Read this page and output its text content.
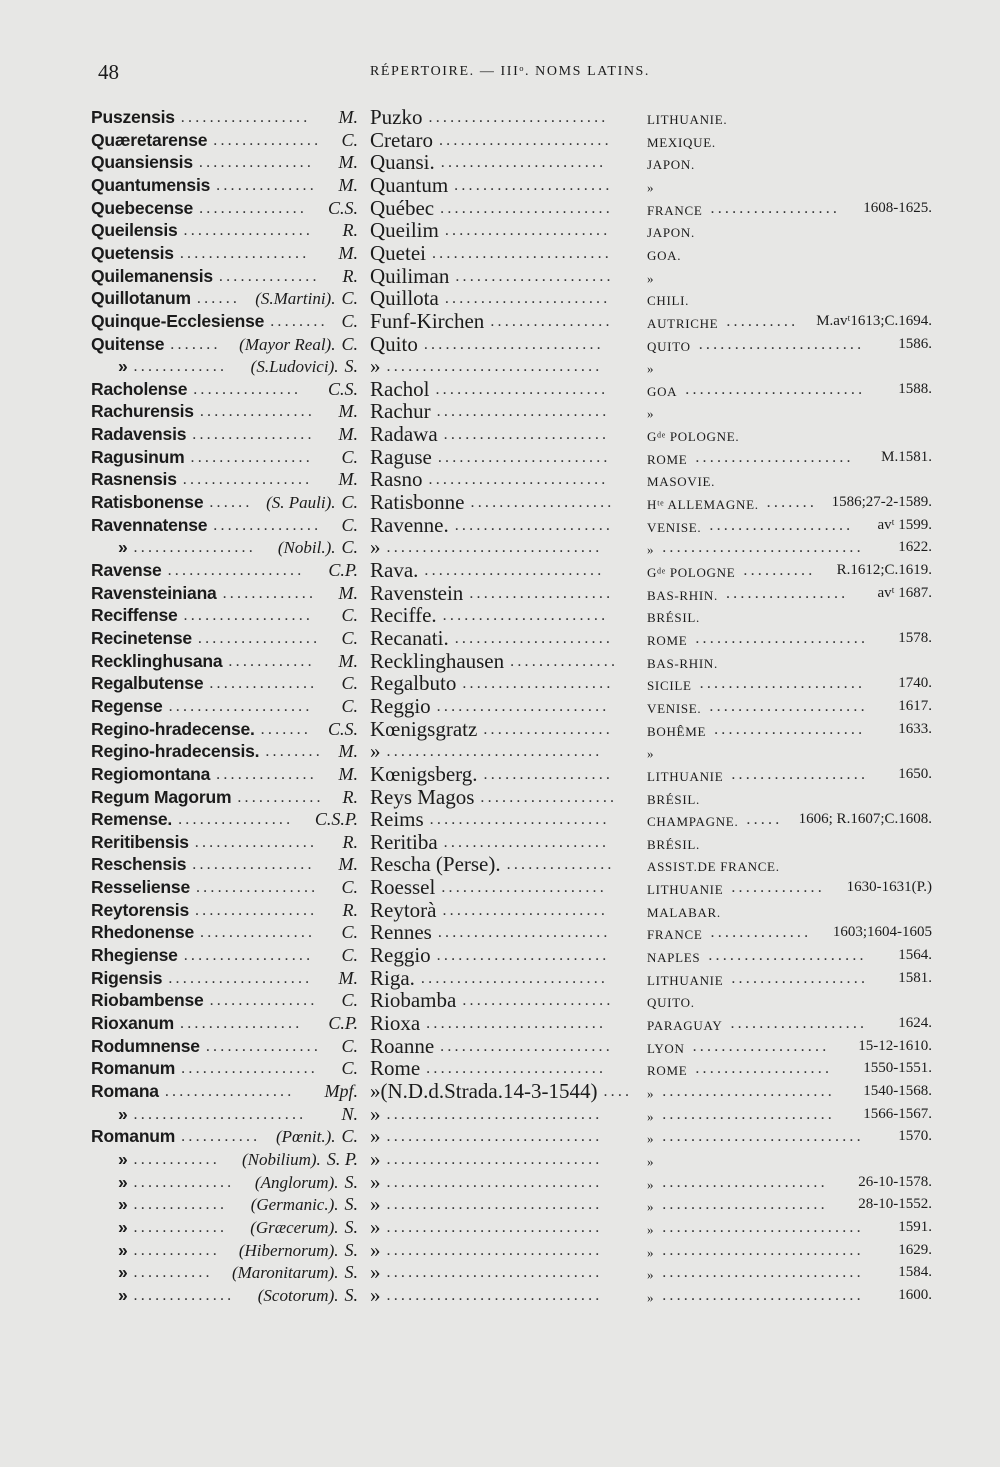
48	RÉPERTOIRE. — IIIᵒ. NOMS LATINS.
Puszensis ..................	M. Puzko .........................	LITHUANIE.
Quæretarense ...............	C. Cretaro ........................	MEXIQUE.
Quansiensis ................	M. Quansi. .......................	JAPON.
Quantumensis ..............	M. Quantum ......................	»
Quebecense ...............	C.S. Québec ........................	FRANCE ..................	1608-1625.
Queilensis ..................	R. Queilim .......................	JAPON.
Quetensis ..................	M. Quetei .........................	GOA.
Quilemanensis ..............	R. Quiliman ......................	»
Quillotanum ...... (S.Martini). C. Quillota .......................	CHILI.
Quinque-Ecclesiense ........ C. Funf-Kirchen .................	AUTRICHE ..........	M.avᵗ1613;C.1694.
Quitense .......	(Mayor Real). C. Quito .........................	QUITO .......................	1586.
» .............	(S.Ludovici). S. » ..............................	»
Racholense ...............	C.S. Rachol ........................	GOA .........................	1588.
Rachurensis ................	M. Rachur ........................	»
Radavensis .................	M. Radawa .......................	Gᵈᵉ POLOGNE.
Ragusinum .................	C. Raguse ........................	ROME ......................	M.1581.
Rasnensis ..................	M. Rasno .........................	MASOVIE.
Ratisbonense ...... (S. Pauli). C. Ratisbonne ....................	Hᵗᵉ ALLEMAGNE. ....... 1586;27-2-1589.
Ravennatense ...............	C. Ravenne. ......................	VENISE. ....................	avᵗ 1599.
» .................	(Nobil.). C. » ..............................	» ............................	1622.
Ravense ...................	C.P. Rava. .........................	Gᵈᵉ POLOGNE ..........	R.1612;C.1619.
Ravensteiniana .............	M. Ravenstein ....................	BAS-RHIN. .................	avᵗ 1687.
Reciffense ..................	C. Reciffe. .......................	BRÉSIL.
Recinetense .................	C. Recanati. ......................	ROME ........................	1578.
Recklinghusana ............	M. Recklinghausen ...............	BAS-RHIN.
Regalbutense ...............	C. Regalbuto .....................	SICILE .......................	1740.
Regense ....................	C. Reggio ........................	VENISE. ......................	1617.
Regino-hradecense. ....... C.S. Kœnigsgratz ..................	BOHÊME .....................	1633.
Regino-hradecensis. ........ M. » ..............................	»
Regiomontana ..............	M. Kœnigsberg. ..................	LITHUANIE ...................	1650.
Regum Magorum ............	R. Reys Magos ...................	BRÉSIL.
Remense. ................	C.S.P. Reims .........................	CHAMPAGNE. .....	1606; R.1607;C.1608.
Reritibensis .................	R. Reritiba .......................	BRÉSIL.
Reschensis .................	M. Rescha (Perse). ...............	ASSIST.DE FRANCE.
Resseliense .................	C. Roessel .......................	LITHUANIE .............	1630-1631(P.)
Reytorensis .................	R. Reytorà .......................	MALABAR.
Rhedonense ................	C. Rennes ........................	FRANCE ..............	1603;1604-1605
Rhegiense ..................	C. Reggio ........................	NAPLES ......................	1564.
Rigensis ....................	M. Riga. ..........................	LITHUANIE ...................	1581.
Riobambense ...............	C. Riobamba .....................	QUITO.
Rioxanum .................	C.P. Rioxa .........................	PARAGUAY ...................	1624.
Rodumnense ................	C. Roanne ........................	LYON ...................	15-12-1610.
Romanum ...................	C. Rome .........................	ROME ...................	1550-1551.
Romana ..................	Mpf. »(N.D.d.Strada.14-3-1544) ....	» ........................	1540-1568.
» ........................	N. » ..............................	» ........................	1566-1567.
Romanum ........... (Pœnit.). C. » ..............................	» ............................	1570.
» ............	(Nobilium). S. P. » ..............................	»
» ..............	(Anglorum). S. » ..............................	» .......................	26-10-1578.
» .............	(Germanic.). S. » ..............................	» .......................	28-10-1552.
» .............	(Græcerum). S. » ..............................	» ............................	1591.
» ............	(Hibernorum). S. » ..............................	» ............................	1629.
» ...........	(Maronitarum). S. » ..............................	» ............................	1584.
» ..............	(Scotorum). S. » ..............................	» ............................	1600.
